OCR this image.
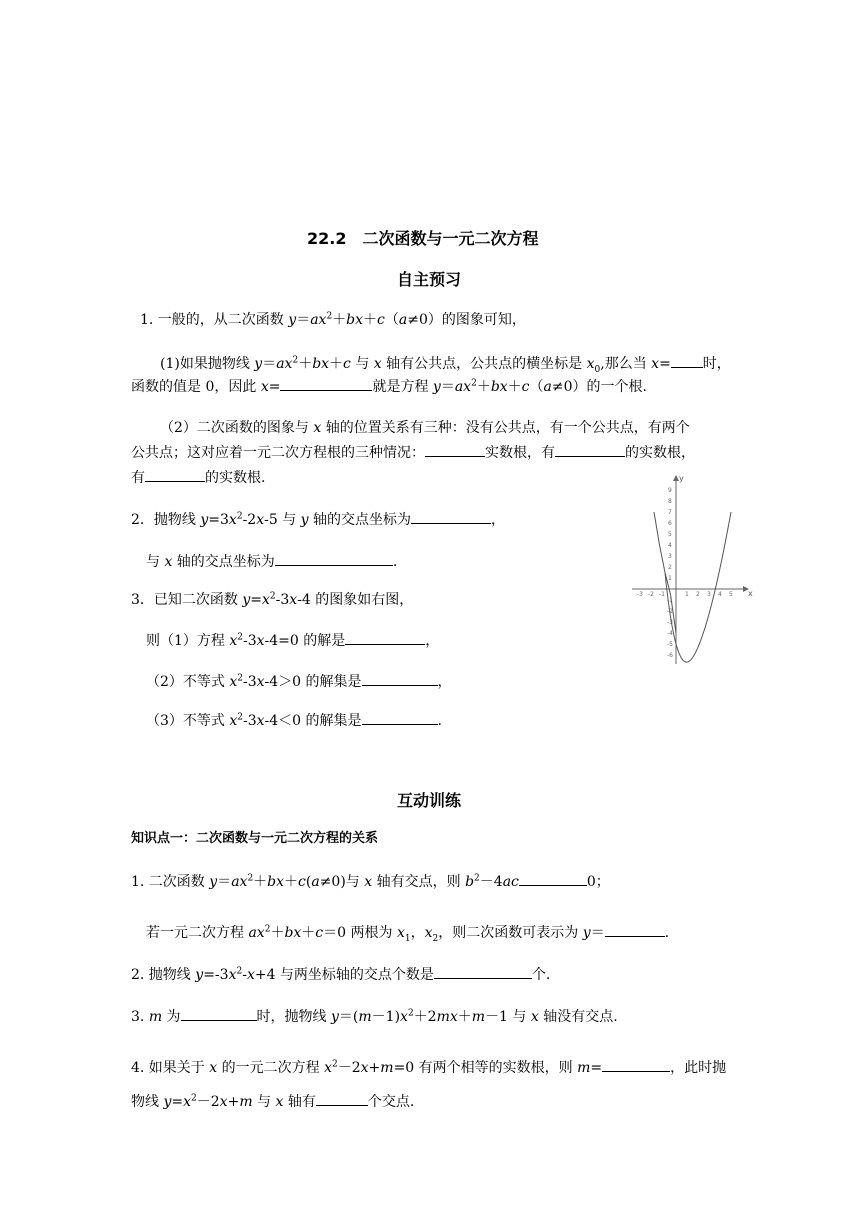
22.2　二次函数与一元二次方程
自主预习
1. 一般的，从二次函数 $y=ax^2+bx+c(a\ne 0)$的图象可知，
(1)如果抛物线 $y=ax^2+bx+c$ 与 x 轴有公共点，公共点的横坐标是 $x_0$,那么当 x= 时，
函数的值是 0，因此 x=	就是方程 $y=ax^2+bx+c(a\ne 0)$的一个根.
（2）二次函数的图象与 x 轴的位置关系有三种：没有公共点，有一个公共点，有两个
公共点；这对应着一元二次方程根的三种情况：	实数根，有	的实数根，
有	的实数根.
2．抛物线 $y=3x^2-2x-5$ 与 y 轴的交点坐标为	，
与 x 轴的交点坐标为	.
3．已知二次函数 $y=x^2-3x-4$ 的图象如右图，
则（1）方程 $x^2-3x-4=0$ 的解是	，
（2）不等式 $x^2-3x-4>0$ 的解集是	，
（3）不等式 $x^2-3x-4<0$ 的解集是	.
x
y
-3 -2 -1	1 2 3 4 5
9
8
7
6
5
4
3
2
1
-1
-2
-3
-4
-5
-6
互动训练
知识点一：二次函数与一元二次方程的关系
1. 二次函数 $y=ax^2+bx+c(a\ne 0)$与 x 轴有交点，则 $b^2-4ac$	0；
若一元二次方程 $ax^2+bx+c=0$ 两根为 $x_1$，$x_2$，则二次函数可表示为 y＝	.
2. 抛物线 $y=-3x^2-x+4$ 与两坐标轴的交点个数是	个.
3. m 为	时，抛物线 $y=(m-1)x^2+2mx+m-1$ 与 x 轴没有交点.
4. 如果关于 x 的一元二次方程 $x^2-2x+m=0$ 有两个相等的实数根，则 m=	，此时抛
物线 $y=x^2-2x+m$ 与 x 轴有	个交点.
